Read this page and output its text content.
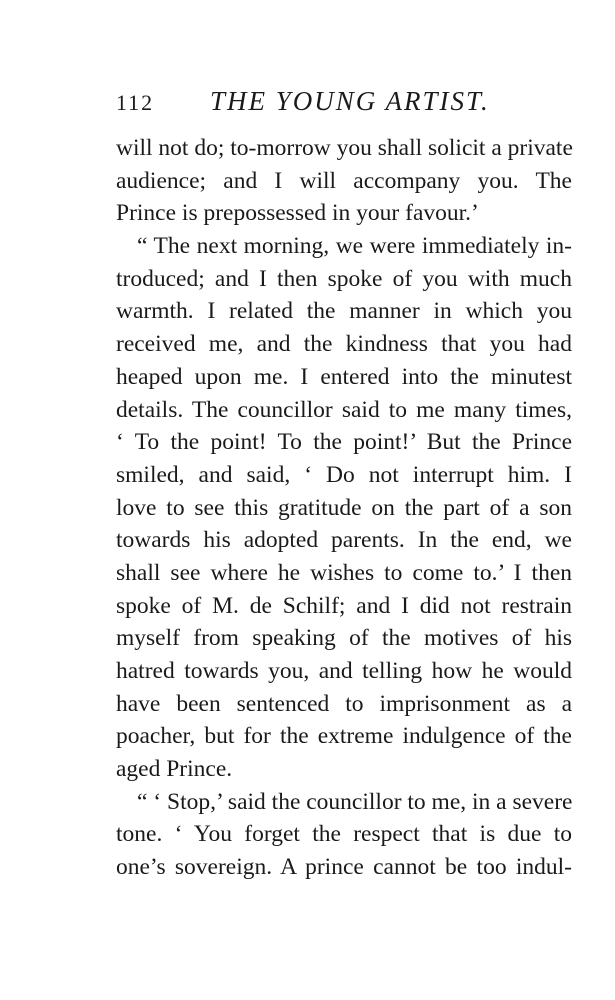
112 THE YOUNG ARTIST.
will not do; to-morrow you shall solicit a private
audience; and I will accompany you. The
Prince is prepossessed in your favour.’
“ The next morning, we were immediately in-
troduced; and I then spoke of you with much
warmth. I related the manner in which you
received me, and the kindness that you had
heaped upon me. I entered into the minutest
details. The councillor said to me many times,
‘ To the point! To the point!’ But the Prince
smiled, and said, ‘ Do not interrupt him. I
love to see this gratitude on the part of a son
towards his adopted parents. In the end, we
shall see where he wishes to come to.’ I then
spoke of M. de Schilf; and I did not restrain
myself from speaking of the motives of his
hatred towards you, and telling how he would
have been sentenced to imprisonment as a
poacher, but for the extreme indulgence of the
aged Prince.
“ ‘ Stop,’ said the councillor to me, in a severe
tone. ‘ You forget the respect that is due to
one’s sovereign. A prince cannot be too indul-
